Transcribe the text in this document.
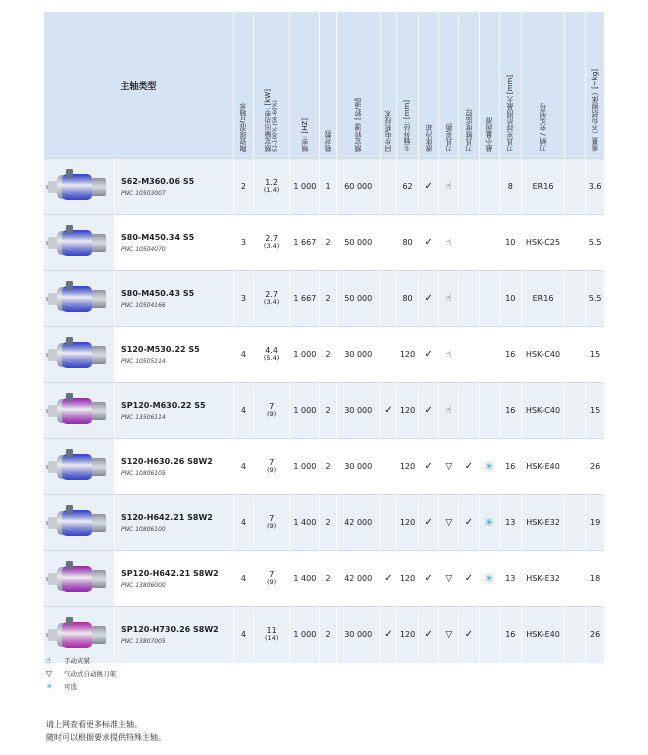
主轴类型		陶瓷球混合轴承	额定输出功率: [kW] S1-100% (S6-60%)	频率: [HZ]	极对数:	额定转速: [转/速]	同步电机技术	主轴外径: [mm]	液体冷却	刀具更换:	刀具锥度监控:	最小量润滑	刀具夹持范围最大 [mm]	刀柄 / 夹头型号		重量（不包括镗体）[~kg]

	S62-M360.06 S5
PNC 10503007	2	1.2
(1.4)	1 000	1	60 000		62	✓	☝			8	ER16		3.6

	S80-M450.34 S5
PNC 10504070	3	2.7
(3.4)	1 667	2	50 000		80	✓	☝			10	HSK-C25		5.5

	S80-M450.43 S5
PNC 10504166	3	2.7
(3.4)	1 667	2	50 000		80	✓	☝			10	ER16		5.5

	S120-M530.22 S5
PNC 10505114	4	4.4
(5.4)	1 000	2	30 000		120	✓	☝			16	HSK-C40		15

	SP120-M630.22 S5
PNC 13506114	4	7
(9)	1 000	2	30 000	✓	120	✓	☝			16	HSK-C40		15

	S120-H630.26 S8W2
PNC 10806105	4	7
(9)	1 000	2	30 000		120	✓	▽	✓	✳	16	HSK-E40		26

	S120-H642.21 S8W2
PNC 10806100	4	7
(9)	1 400	2	42 000		120	✓	▽	✓	✳	13	HSK-E32		19

	SP120-H642.21 S8W2
PNC 13806000	4	7
(9)	1 400	2	42 000	✓	120	✓	▽	✓	✳	13	HSK-E32		18

	SP120-H730.26 S8W2
PNC 13807005	4	11
(14)	1 000	2	30 000	✓	120	✓	▽	✓		16	HSK-E40		26
☝	手动夹紧
▽	气动式自动换刀架
✳	可选
请上网查看更多标准主轴。
随时可以根据要求提供特殊主轴。
